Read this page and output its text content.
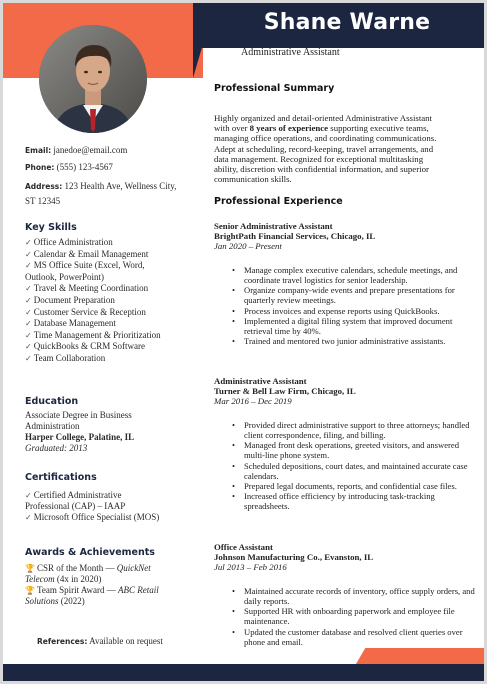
Shane Warne
Administrative Assistant
Email: janedoe@email.com
Phone: (555) 123-4567
Address: 123 Health Ave, Wellness City,
ST 12345
Key Skills
✓ Office Administration
✓ Calendar & Email Management
✓ MS Office Suite (Excel, Word,
Outlook, PowerPoint)
✓ Travel & Meeting Coordination
✓ Document Preparation
✓ Customer Service & Reception
✓ Database Management
✓ Time Management & Prioritization
✓ QuickBooks & CRM Software
✓ Team Collaboration
Education
Associate Degree in Business
Administration
Harper College, Palatine, IL
Graduated: 2013
Certifications
✓ Certified Administrative
Professional (CAP) – IAAP
✓ Microsoft Office Specialist (MOS)
Awards & Achievements
🏆 CSR of the Month — QuickNet
Telecom (4x in 2020)
🏆 Team Spirit Award — ABC Retail
Solutions (2022)
References: Available on request
Professional Summary
Highly organized and detail-oriented Administrative Assistant
with over 8 years of experience supporting executive teams,
managing office operations, and coordinating communications.
Adept at scheduling, record-keeping, travel arrangements, and
data management. Recognized for exceptional multitasking
ability, discretion with confidential information, and superior
communication skills.
Professional Experience
Senior Administrative Assistant
BrightPath Financial Services, Chicago, IL
Jan 2020 – Present
• Manage complex executive calendars, schedule meetings, and coordinate travel logistics for senior leadership.
• Organize company-wide events and prepare presentations for quarterly review meetings.
• Process invoices and expense reports using QuickBooks.
• Implemented a digital filing system that improved document retrieval time by 40%.
• Trained and mentored two junior administrative assistants.
Administrative Assistant
Turner & Bell Law Firm, Chicago, IL
Mar 2016 – Dec 2019
• Provided direct administrative support to three attorneys; handled client correspondence, filing, and billing.
• Managed front desk operations, greeted visitors, and answered multi-line phone system.
• Scheduled depositions, court dates, and maintained accurate case calendars.
• Prepared legal documents, reports, and confidential case files.
• Increased office efficiency by introducing task-tracking spreadsheets.
Office Assistant
Johnson Manufacturing Co., Evanston, IL
Jul 2013 – Feb 2016
• Maintained accurate records of inventory, office supply orders, and daily reports.
• Supported HR with onboarding paperwork and employee file maintenance.
• Updated the customer database and resolved client queries over phone and email.
